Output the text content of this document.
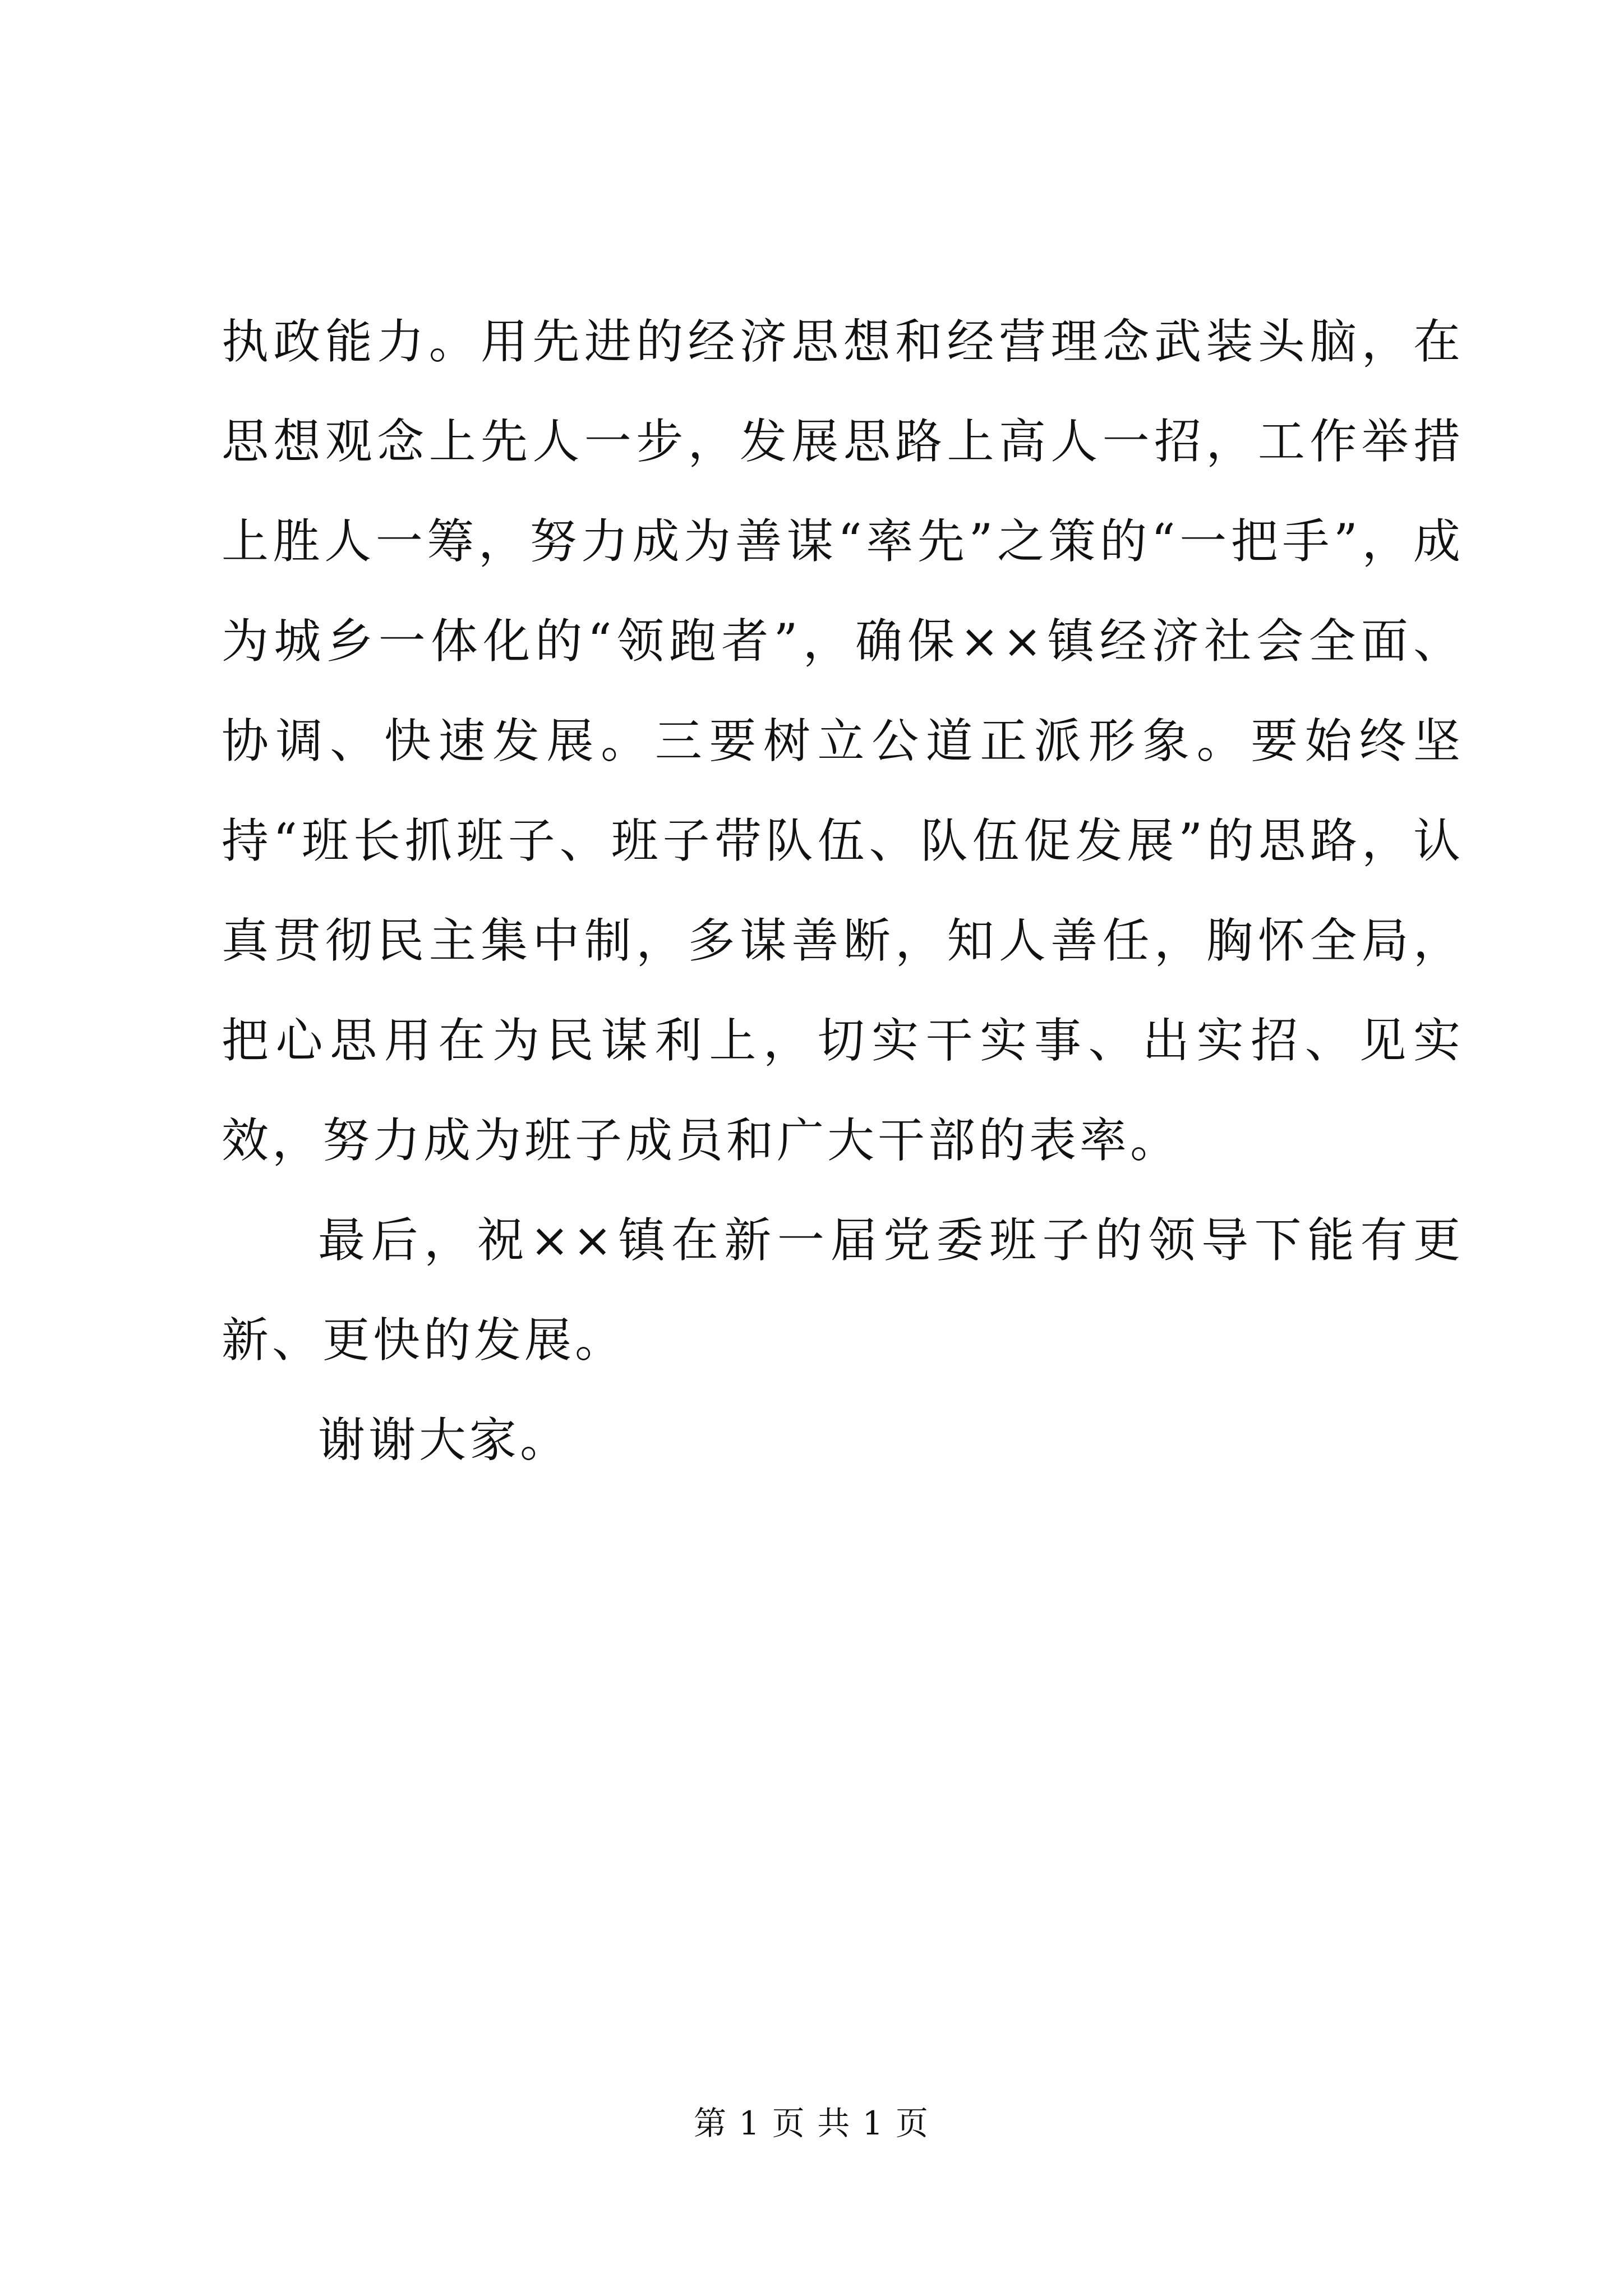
执政能力。用先进的经济思想和经营理念武装头脑，在思想观念上先人一步，发展思路上高人一招，工作举措上胜人一筹，努力成为善谋“率先”之策的“一把手”，成为城乡一体化的“领跑者”，确保××镇经济社会全面、协调、快速发展。三要树立公道正派形象。要始终坚持“班长抓班子、班子带队伍、队伍促发展”的思路，认真贯彻民主集中制，多谋善断，知人善任，胸怀全局，把心思用在为民谋利上，切实干实事、出实招、见实效，努力成为班子成员和广大干部的表率。

最后，祝××镇在新一届党委班子的领导下能有更新、更快的发展。

谢谢大家。

第 1 页 共 1 页
